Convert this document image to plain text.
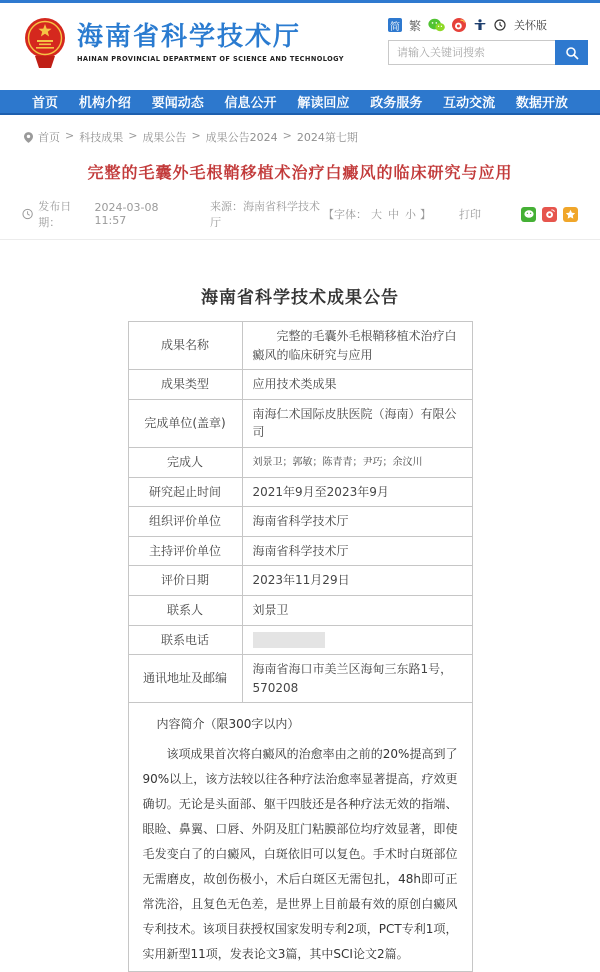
海南省科学技术厅
HAINAN PROVINCIAL DEPARTMENT OF SCIENCE AND TECHNOLOGY
简 繁	关怀版
请输入关键词搜索
首页 机构介绍 要闻动态 信息公开 解读回应 政务服务 互动交流 数据开放
首页 > 科技成果 > 成果公告 > 成果公告2024 > 2024第七期
完整的毛囊外毛根鞘移植术治疗白癜风的临床研究与应用
发布日期：
2024-03-08 11:57
来源：海南省科学技术厅
【字体： 大 中 小 】	打印
海南省科学技术成果公告
成果名称	完整的毛囊外毛根鞘移植术治疗白癜风的临床研究与应用
成果类型	应用技术类成果
完成单位(盖章)	南海仁术国际皮肤医院（海南）有限公司
完成人	刘景卫；郭敏；陈青青；尹巧；余汶川
研究起止时间	2021年9月至2023年9月
组织评价单位	海南省科学技术厅
主持评价单位	海南省科学技术厅
评价日期	2023年11月29日
联系人	刘景卫
联系电话	

通讯地址及邮编	海南省海口市美兰区海甸三东路1号，570208

内容简介（限300字以内）

该项成果首次将白癜风的治愈率由之前的20%提高到了90%以上，该方法较以往各种疗法治愈率显著提高，疗效更确切。无论是头面部、躯干四肢还是各种疗法无效的指端、眼睑、鼻翼、口唇、外阴及肛门粘膜部位均疗效显著，即使毛发变白了的白癜风，白斑依旧可以复色。手术时白斑部位无需磨皮，故创伤极小，术后白斑区无需包扎，48h即可正常洗浴，且复色无色差，是世界上目前最有效的原创白癜风专利技术。该项目获授权国家发明专利2项，PCT专利1项，实用新型11项，发表论文3篇，其中SCI论文2篇。	
